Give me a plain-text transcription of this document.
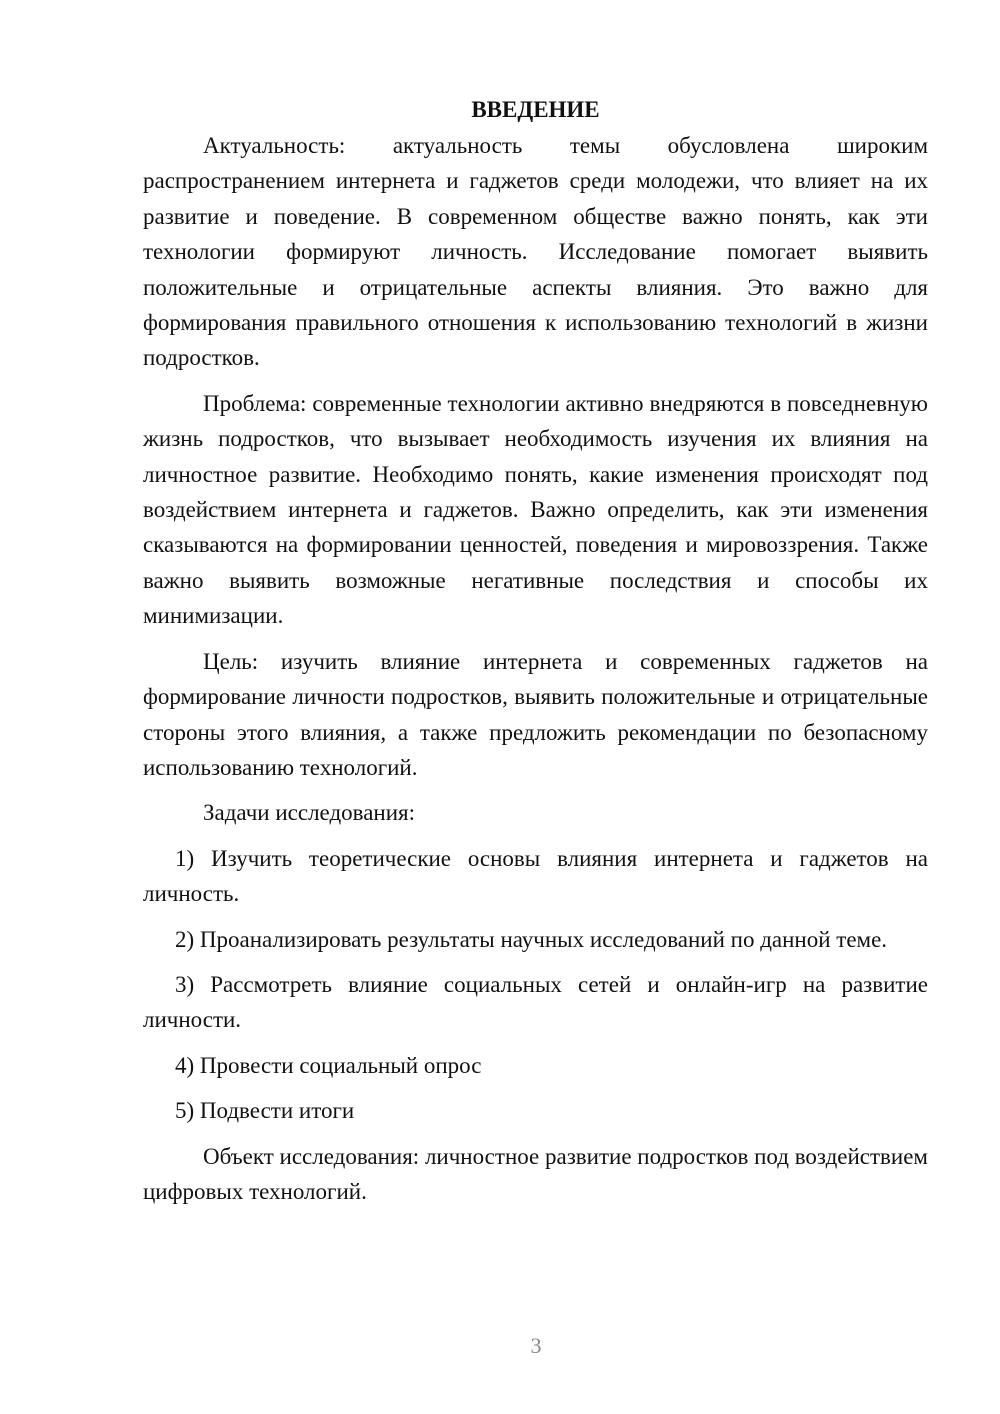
ВВЕДЕНИЕ

Актуальность: актуальность темы обусловлена широким распространением интернета и гаджетов среди молодежи, что влияет на их развитие и поведение. В современном обществе важно понять, как эти технологии формируют личность. Исследование помогает выявить положительные и отрицательные аспекты влияния. Это важно для формирования правильного отношения к использованию технологий в жизни подростков.

Проблема: современные технологии активно внедряются в повседневную жизнь подростков, что вызывает необходимость изучения их влияния на личностное развитие. Необходимо понять, какие изменения происходят под воздействием интернета и гаджетов. Важно определить, как эти изменения сказываются на формировании ценностей, поведения и мировоззрения. Также важно выявить возможные негативные последствия и способы их минимизации.

Цель: изучить влияние интернета и современных гаджетов на формирование личности подростков, выявить положительные и отрицательные стороны этого влияния, а также предложить рекомендации по безопасному использованию технологий.

Задачи исследования:

1) Изучить теоретические основы влияния интернета и гаджетов на личность.

2) Проанализировать результаты научных исследований по данной теме.

3) Рассмотреть влияние социальных сетей и онлайн-игр на развитие личности.

4) Провести социальный опрос

5) Подвести итоги

Объект исследования: личностное развитие подростков под воздействием цифровых технологий.

3
